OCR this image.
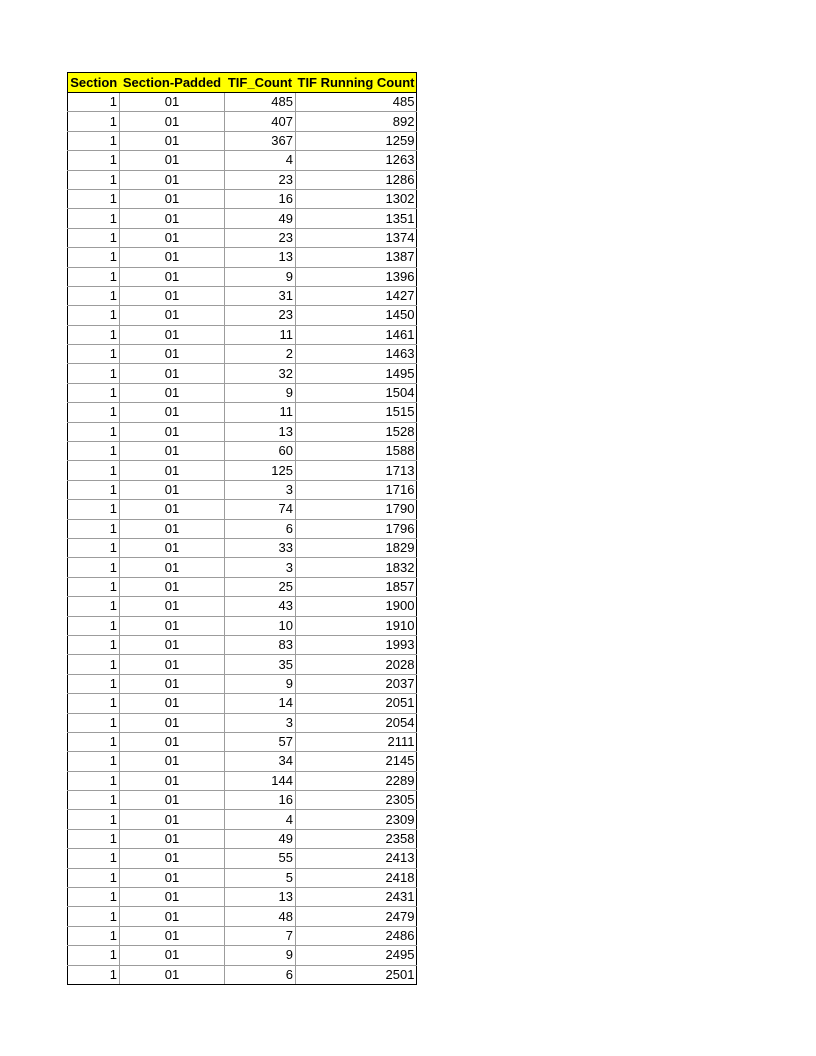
Section	Section-Padded	TIF_Count	TIF Running Count
1	01	485	485
1	01	407	892
1	01	367	1259
1	01	4	1263
1	01	23	1286
1	01	16	1302
1	01	49	1351
1	01	23	1374
1	01	13	1387
1	01	9	1396
1	01	31	1427
1	01	23	1450
1	01	11	1461
1	01	2	1463
1	01	32	1495
1	01	9	1504
1	01	11	1515
1	01	13	1528
1	01	60	1588
1	01	125	1713
1	01	3	1716
1	01	74	1790
1	01	6	1796
1	01	33	1829
1	01	3	1832
1	01	25	1857
1	01	43	1900
1	01	10	1910
1	01	83	1993
1	01	35	2028
1	01	9	2037
1	01	14	2051
1	01	3	2054
1	01	57	2111
1	01	34	2145
1	01	144	2289
1	01	16	2305
1	01	4	2309
1	01	49	2358
1	01	55	2413
1	01	5	2418
1	01	13	2431
1	01	48	2479
1	01	7	2486
1	01	9	2495
1	01	6	2501
